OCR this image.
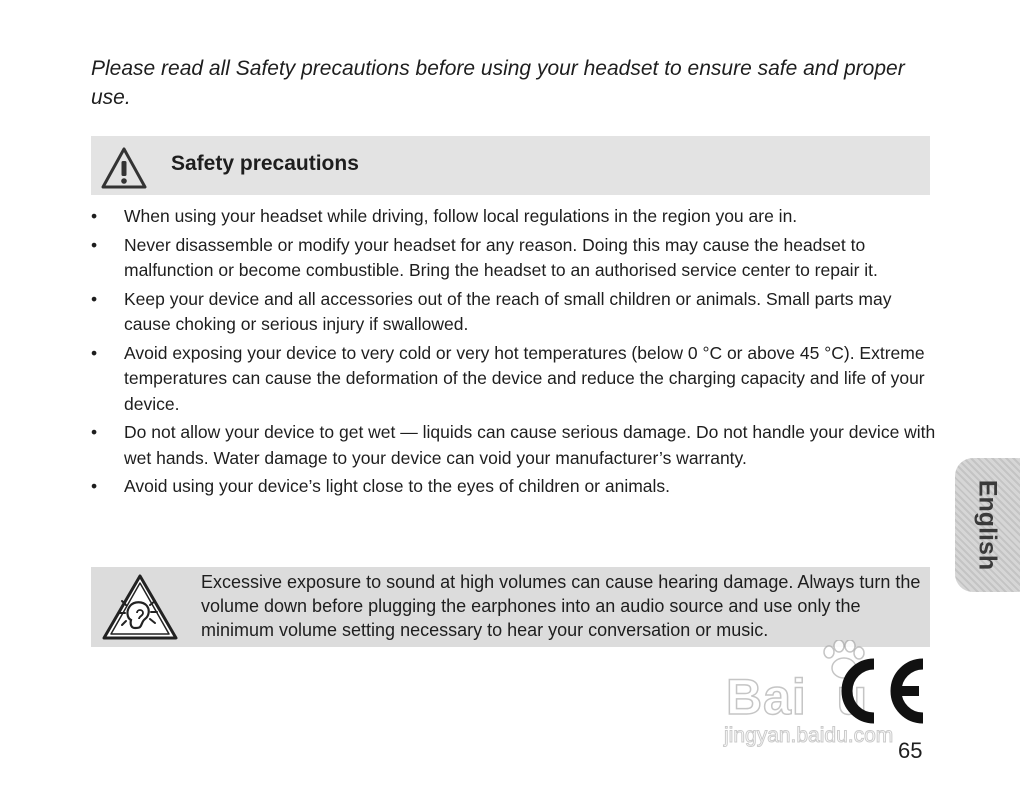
Please read all Safety precautions before using your headset to ensure safe and proper use.

Safety precautions
• When using your headset while driving, follow local regulations in the region you are in.
• Never disassemble or modify your headset for any reason. Doing this may cause the headset to malfunction or become combustible. Bring the headset to an authorised service center to repair it.
• Keep your device and all accessories out of the reach of small children or animals. Small parts may cause choking or serious injury if swallowed.
• Avoid exposing your device to very cold or very hot temperatures (below 0 °C or above 45 °C). Extreme temperatures can cause the deformation of the device and reduce the charging capacity and life of your device.
• Do not allow your device to get wet — liquids can cause serious damage. Do not handle your device with wet hands. Water damage to your device can void your manufacturer’s warranty.
• Avoid using your device’s light close to the eyes of children or animals.
Excessive exposure to sound at high volumes can cause hearing damage. Always turn the volume down before plugging the earphones into an audio source and use only the minimum volume setting necessary to hear your conversation or music.
English
Bai u
jingyan.baidu.com
65
